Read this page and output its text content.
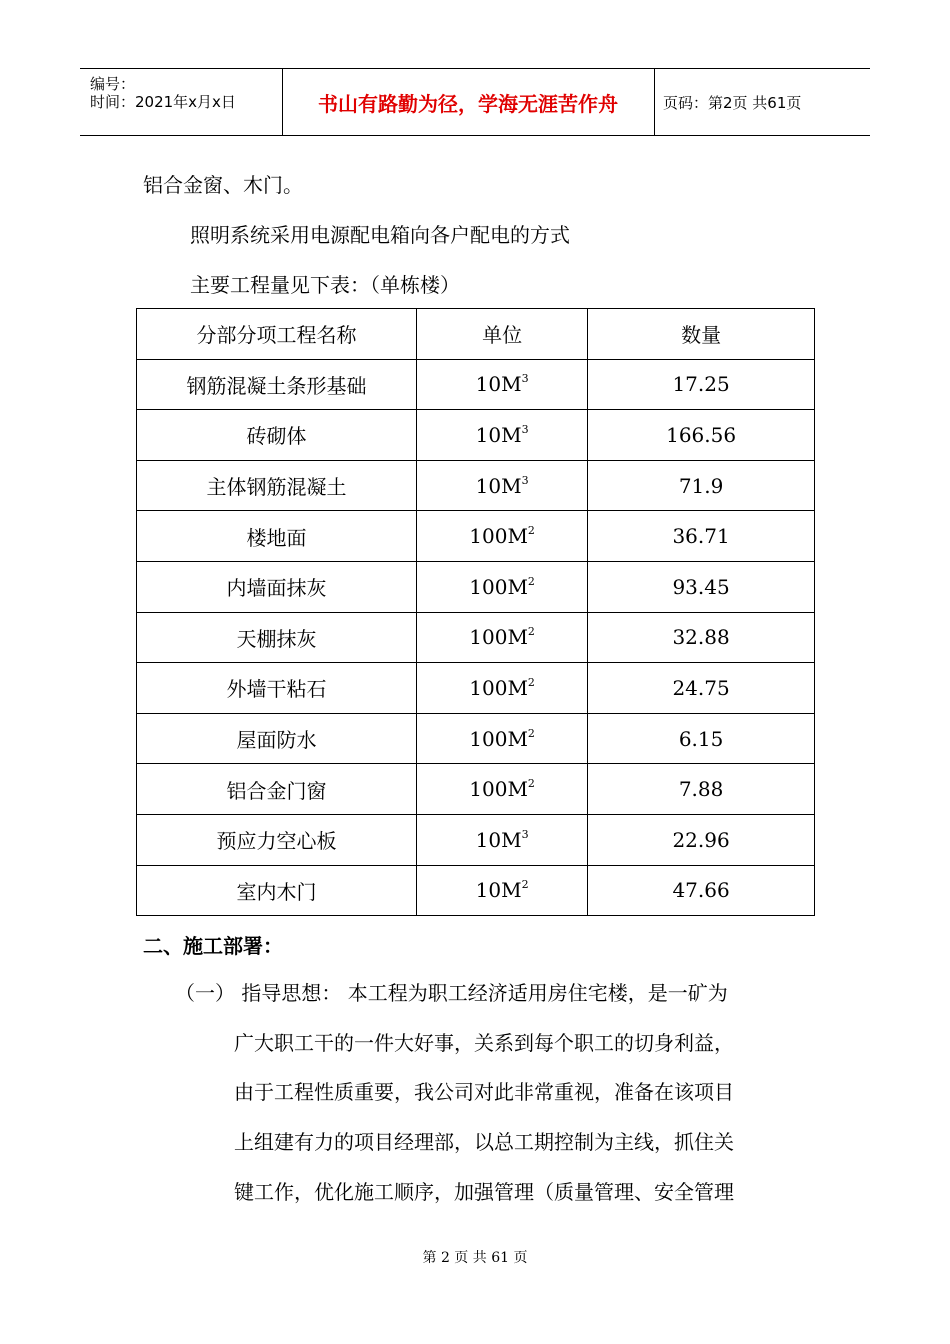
编号：
时间：2021年x月x日	书山有路勤为径，学海无涯苦作舟	页码：第2页 共61页
铝合金窗、木门。
照明系统采用电源配电箱向各户配电的方式
主要工程量见下表：（单栋楼）
分部分项工程名称	单位	数量
钢筋混凝土条形基础	$10M^3$	17.25
砖砌体	$10M^3$	166.56
主体钢筋混凝土	$10M^3$	71.9
楼地面	$100M^2$	36.71
内墙面抹灰	$100M^2$	93.45
天棚抹灰	$100M^2$	32.88
外墙干粘石	$100M^2$	24.75
屋面防水	$100M^2$	6.15
铝合金门窗	$100M^2$	7.88
预应力空心板	$10M^3$	22.96
室内木门	$10M^2$	47.66
二、施工部署：
（一） 指导思想： 本工程为职工经济适用房住宅楼，是一矿为
广大职工干的一件大好事，关系到每个职工的切身利益，
由于工程性质重要，我公司对此非常重视，准备在该项目
上组建有力的项目经理部，以总工期控制为主线，抓住关
键工作，优化施工顺序，加强管理（质量管理、安全管理
第 2 页 共 61 页
